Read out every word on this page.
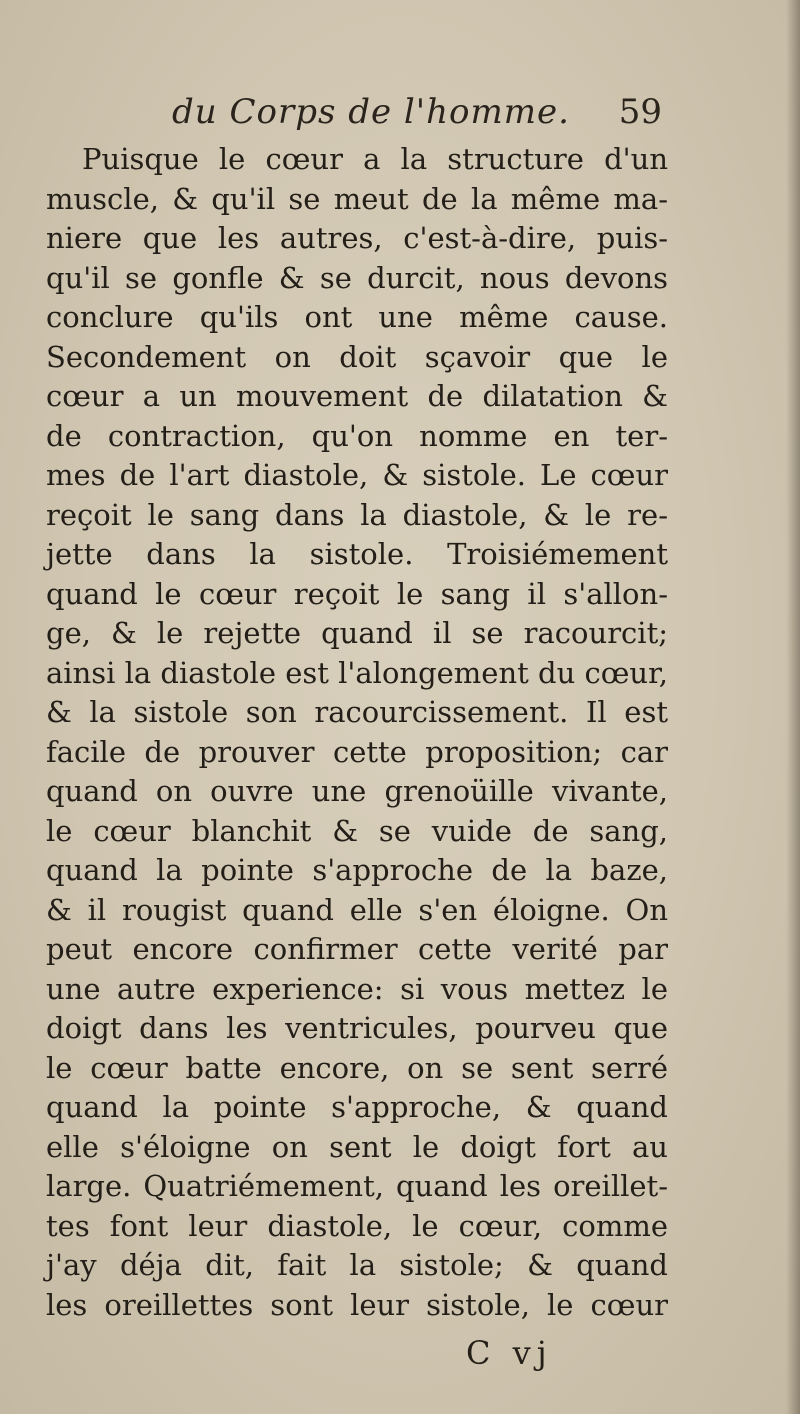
du Corps de l'homme. 59
Puisque le cœur a la structure d'un
muscle, & qu'il se meut de la même ma-
niere que les autres, c'est-à-dire, puis-
qu'il se gonfle & se durcit, nous devons
conclure qu'ils ont une même cause.
Secondement on doit sçavoir que le
cœur a un mouvement de dilatation &
de contraction, qu'on nomme en ter-
mes de l'art diastole, & sistole. Le cœur
reçoit le sang dans la diastole, & le re-
jette dans la sistole. Troisiémement
quand le cœur reçoit le sang il s'allon-
ge, & le rejette quand il se racourcit;
ainsi la diastole est l'alongement du cœur,
& la sistole son racourcissement. Il est
facile de prouver cette proposition; car
quand on ouvre une grenoüille vivante,
le cœur blanchit & se vuide de sang,
quand la pointe s'approche de la baze,
& il rougist quand elle s'en éloigne. On
peut encore confirmer cette verité par
une autre experience: si vous mettez le
doigt dans les ventricules, pourveu que
le cœur batte encore, on se sent serré
quand la pointe s'approche, & quand
elle s'éloigne on sent le doigt fort au
large. Quatriémement, quand les oreillet-
tes font leur diastole, le cœur, comme
j'ay déja dit, fait la sistole; & quand
les oreillettes sont leur sistole, le cœur
C vj
